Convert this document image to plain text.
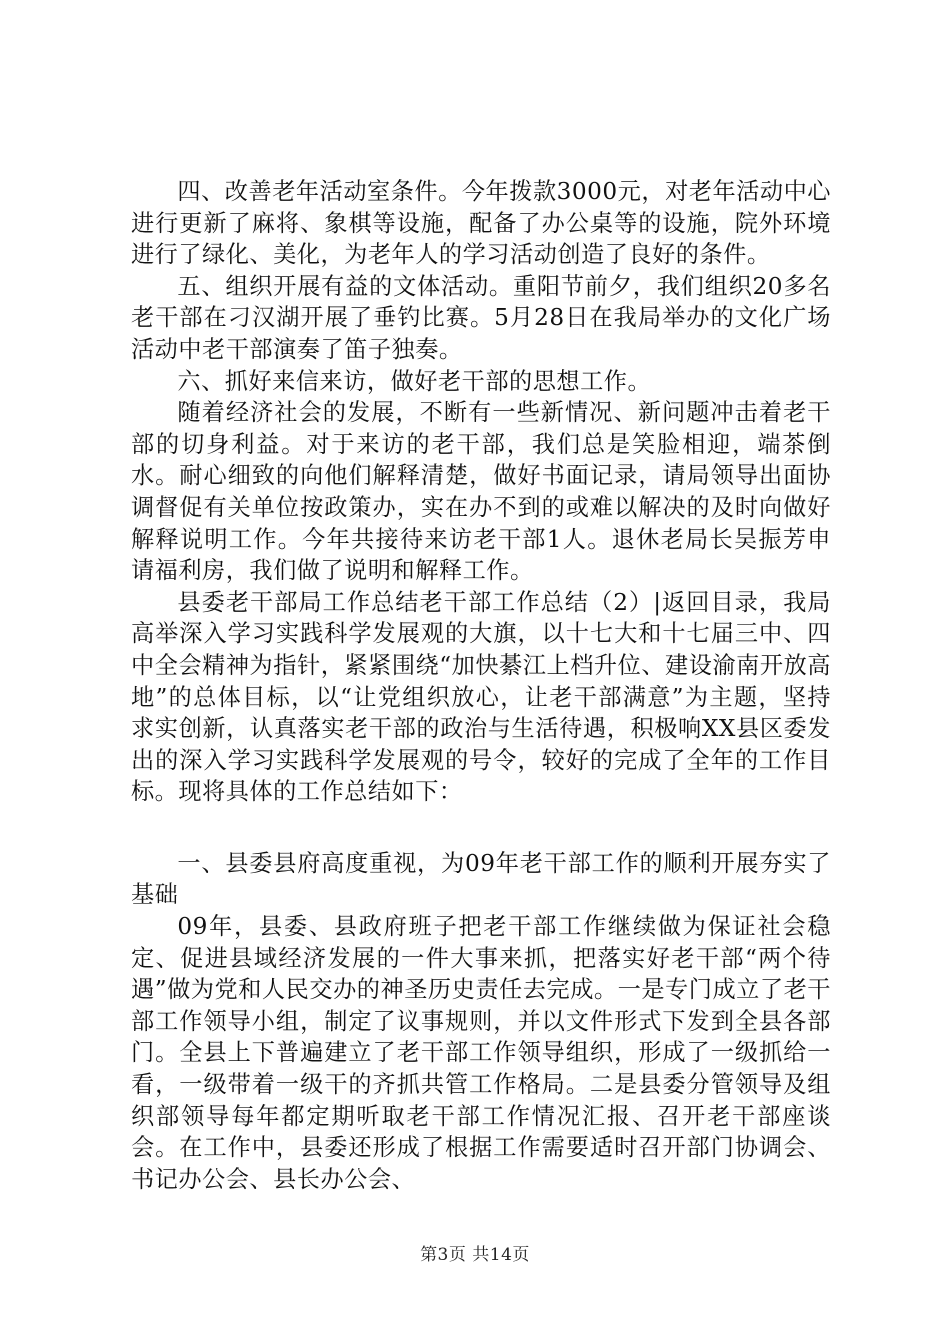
四、改善老年活动室条件。今年拨款3000元，对老年活动中心进行更新了麻将、象棋等设施，配备了办公桌等的设施，院外环境进行了绿化、美化，为老年人的学习活动创造了良好的条件。

五、组织开展有益的文体活动。重阳节前夕，我们组织20多名老干部在刁汉湖开展了垂钓比赛。5月28日在我局举办的文化广场活动中老干部演奏了笛子独奏。

六、抓好来信来访，做好老干部的思想工作。

随着经济社会的发展，不断有一些新情况、新问题冲击着老干部的切身利益。对于来访的老干部，我们总是笑脸相迎，端茶倒水。耐心细致的向他们解释清楚，做好书面记录，请局领导出面协调督促有关单位按政策办，实在办不到的或难以解决的及时向做好解释说明工作。今年共接待来访老干部1人。退休老局长吴振芳申请福利房，我们做了说明和解释工作。

县委老干部局工作总结老干部工作总结（2）|返回目录，我局高举深入学习实践科学发展观的大旗，以十七大和十七届三中、四中全会精神为指针，紧紧围绕“加快綦江上档升位、建设渝南开放高地”的总体目标，以“让党组织放心，让老干部满意”为主题，坚持求实创新，认真落实老干部的政治与生活待遇，积极响XX县区委发出的深入学习实践科学发展观的号令，较好的完成了全年的工作目标。现将具体的工作总结如下：

一、县委县府高度重视，为09年老干部工作的顺利开展夯实了基础

09年，县委、县政府班子把老干部工作继续做为保证社会稳定、促进县域经济发展的一件大事来抓，把落实好老干部“两个待遇”做为党和人民交办的神圣历史责任去完成。一是专门成立了老干部工作领导小组，制定了议事规则，并以文件形式下发到全县各部门。全县上下普遍建立了老干部工作领导组织，形成了一级抓给一看，一级带着一级干的齐抓共管工作格局。二是县委分管领导及组织部领导每年都定期听取老干部工作情况汇报、召开老干部座谈会。在工作中，县委还形成了根据工作需要适时召开部门协调会、书记办公会、县长办公会、

第3页 共14页
